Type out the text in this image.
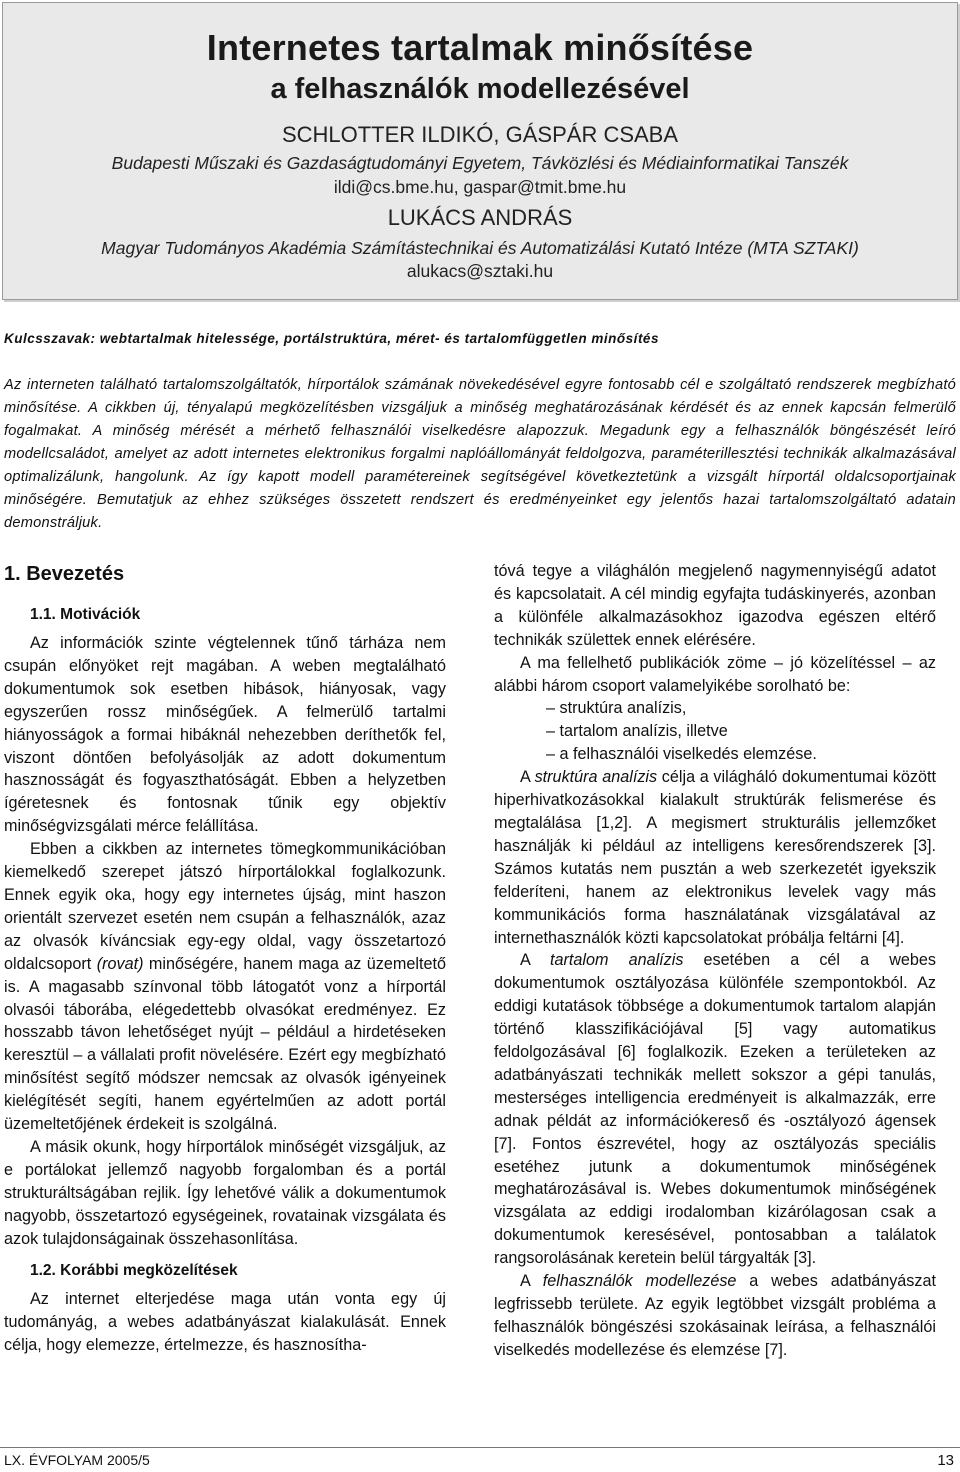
Internetes tartalmak minősítése
a felhasználók modellezésével
SCHLOTTER ILDIKÓ, GÁSPÁR CSABA
Budapesti Műszaki és Gazdaságtudományi Egyetem, Távközlési és Médiainformatikai Tanszék
ildi@cs.bme.hu, gaspar@tmit.bme.hu
LUKÁCS ANDRÁS
Magyar Tudományos Akadémia Számítástechnikai és Automatizálási Kutató Intéze (MTA SZTAKI)
alukacs@sztaki.hu
Kulcsszavak: webtartalmak hitelessége, portálstruktúra, méret- és tartalomfüggetlen minősítés
Az interneten található tartalomszolgáltatók, hírportálok számának növekedésével egyre fontosabb cél e szolgáltató rendszerek megbízható minősítése. A cikkben új, tényalapú megközelítésben vizsgáljuk a minőség meghatározásának kérdését és az ennek kapcsán felmerülő fogalmakat. A minőség mérését a mérhető felhasználói viselkedésre alapozzuk. Megadunk egy a felhasználók böngészését leíró modellcsaládot, amelyet az adott internetes elektronikus forgalmi naplóállományát feldolgozva, paraméterillesztési technikák alkalmazásával optimalizálunk, hangolunk. Az így kapott modell paramétereinek segítségével következtetünk a vizsgált hírportál oldalcsoportjainak minőségére. Bemutatjuk az ehhez szükséges összetett rendszert és eredményeinket egy jelentős hazai tartalomszolgáltató adatain demonstráljuk.
1. Bevezetés
1.1. Motivációk

Az információk szinte végtelennek tűnő tárháza nem csupán előnyöket rejt magában. A weben megtalálható dokumentumok sok esetben hibások, hiányosak, vagy egyszerűen rossz minőségűek. A felmerülő tartalmi hiányosságok a formai hibáknál nehezebben deríthetők fel, viszont döntően befolyásolják az adott dokumentum hasznosságát és fogyaszthatóságát. Ebben a helyzetben ígéretesnek és fontosnak tűnik egy objektív minőségvizsgálati mérce felállítása.

Ebben a cikkben az internetes tömegkommunikációban kiemelkedő szerepet játszó hírportálokkal foglalkozunk. Ennek egyik oka, hogy egy internetes újság, mint haszon orientált szervezet esetén nem csupán a felhasználók, azaz az olvasók kíváncsiak egy-egy oldal, vagy összetartozó oldalcsoport (rovat) minőségére, hanem maga az üzemeltető is. A magasabb színvonal több látogatót vonz a hírportál olvasói táborába, elégedettebb olvasókat eredményez. Ez hosszabb távon lehetőséget nyújt – például a hirdetéseken keresztül – a vállalati profit növelésére. Ezért egy megbízható minősítést segítő módszer nemcsak az olvasók igényeinek kielégítését segíti, hanem egyértelműen az adott portál üzemeltetőjének érdekeit is szolgálná.

A másik okunk, hogy hírportálok minőségét vizsgáljuk, az e portálokat jellemző nagyobb forgalomban és a portál strukturáltságában rejlik. Így lehetővé válik a dokumentumok nagyobb, összetartozó egységeinek, rovatainak vizsgálata és azok tulajdonságainak összehasonlítása.

1.2. Korábbi megközelítések

Az internet elterjedése maga után vonta egy új tudományág, a webes adatbányászat kialakulását. Ennek célja, hogy elemezze, értelmezze, és hasznosítha-

tóvá tegye a világhálón megjelenő nagymennyiségű adatot és kapcsolatait. A cél mindig egyfajta tudáskinyerés, azonban a különféle alkalmazásokhoz igazodva egészen eltérő technikák születtek ennek elérésére.

A ma fellelhető publikációk zöme – jó közelítéssel – az alábbi három csoport valamelyikébe sorolható be:

– struktúra analízis,

– tartalom analízis, illetve

– a felhasználói viselkedés elemzése.

A struktúra analízis célja a világháló dokumentumai között hiperhivatkozásokkal kialakult struktúrák felismerése és megtalálása [1,2]. A megismert strukturális jellemzőket használják ki például az intelligens keresőrendszerek [3]. Számos kutatás nem pusztán a web szerkezetét igyekszik felderíteni, hanem az elektronikus levelek vagy más kommunikációs forma használatának vizsgálatával az internethasználók közti kapcsolatokat próbálja feltárni [4].

A tartalom analízis esetében a cél a webes dokumentumok osztályozása különféle szempontokból. Az eddigi kutatások többsége a dokumentumok tartalom alapján történő klasszifikációjával [5] vagy automatikus feldolgozásával [6] foglalkozik. Ezeken a területeken az adatbányászati technikák mellett sokszor a gépi tanulás, mesterséges intelligencia eredményeit is alkalmazzák, erre adnak példát az információkereső és -osztályozó ágensek [7]. Fontos észrevétel, hogy az osztályozás speciális esetéhez jutunk a dokumentumok minőségének meghatározásával is. Webes dokumentumok minőségének vizsgálata az eddigi irodalomban kizárólagosan csak a dokumentumok keresésével, pontosabban a találatok rangsorolásának keretein belül tárgyalták [3].

A felhasználók modellezése a webes adatbányászat legfrissebb területe. Az egyik legtöbbet vizsgált probléma a felhasználók böngészési szokásainak leírása, a felhasználói viselkedés modellezése és elemzése [7].

LX. ÉVFOLYAM 2005/5	13
